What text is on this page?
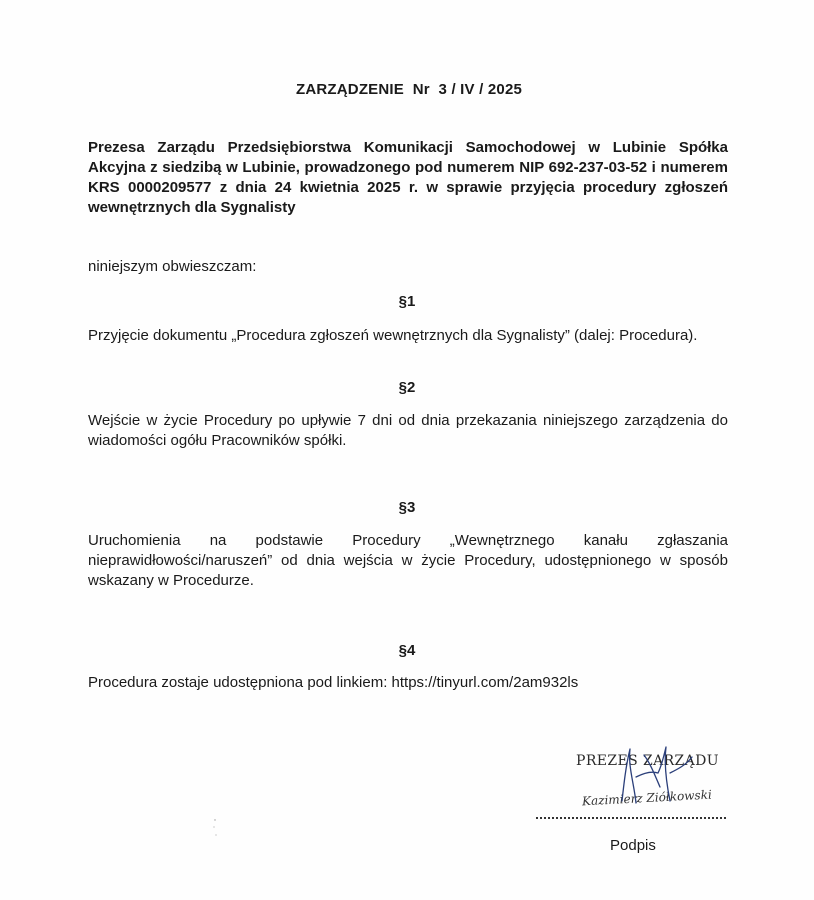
ZARZĄDZENIE  Nr  3 / IV / 2025
Prezesa Zarządu Przedsiębiorstwa Komunikacji Samochodowej w Lubinie Spółka Akcyjna z siedzibą w Lubinie, prowadzonego pod numerem NIP 692-237-03-52 i numerem KRS 0000209577 z dnia 24 kwietnia 2025 r. w sprawie przyjęcia procedury zgłoszeń wewnętrznych dla Sygnalisty
niniejszym obwieszczam:
§1
Przyjęcie dokumentu „Procedura zgłoszeń wewnętrznych dla Sygnalisty” (dalej: Procedura).
§2
Wejście w życie Procedury po upływie 7 dni od dnia przekazania niniejszego zarządzenia do wiadomości ogółu Pracowników spółki.
§3
Uruchomienia na podstawie Procedury „Wewnętrznego kanału zgłaszania nieprawidłowości/naruszeń” od dnia wejścia w życie Procedury, udostępnionego w sposób wskazany w Procedurze.
§4
Procedura zostaje udostępniona pod linkiem: https://tinyurl.com/2am932ls
PREZES ZARZĄDU
Kazimierz Ziółkowski
Podpis
